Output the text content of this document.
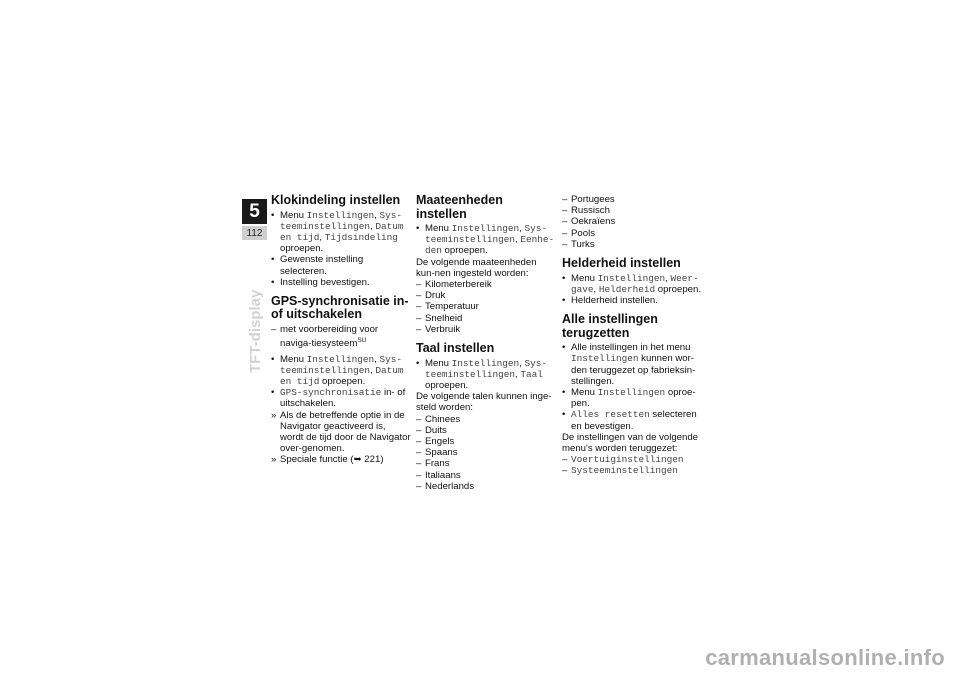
5
112
TFT-display
Klokindeling instellen
• Menu Instellingen, Sys-teeminstellingen, Datum en tijd, Tijdsindeling oproepen.
• Gewenste instelling selecteren.
• Instelling bevestigen.
GPS-synchronisatie in- of uitschakelen
– met voorbereiding voor naviga-tiesysteem$^{SU}$
• Menu Instellingen, Sys-teeminstellingen, Datum en tijd oproepen.
• GPS-synchronisatie in- of uitschakelen.
» Als de betreffende optie in de Navigator geactiveerd is, wordt de tijd door de Navigator over-genomen.
» Speciale functie (➥ 221)
Maateenheden instellen
• Menu Instellingen, Sys-teeminstellingen, Eenhe-den oproepen.
De volgende maateenheden kun-nen ingesteld worden:
– Kilometerbereik
– Druk
– Temperatuur
– Snelheid
– Verbruik
Taal instellen
• Menu Instellingen, Sys-teeminstellingen, Taal oproepen.
De volgende talen kunnen inge-steld worden:
– Chinees
– Duits
– Engels
– Spaans
– Frans
– Italiaans
– Nederlands
– Portugees
– Russisch
– Oekraïens
– Pools
– Turks
Helderheid instellen
• Menu Instellingen, Weer-gave, Helderheid oproepen.
• Helderheid instellen.
Alle instellingen terugzetten
• Alle instellingen in het menu Instellingen kunnen wor-den teruggezet op fabrieksin-stellingen.
• Menu Instellingen oproe-pen.
• Alles resetten selecteren en bevestigen.
De instellingen van de volgende menu's worden teruggezet:
– Voertuiginstellingen
– Systeeminstellingen
carmanualsonline.info
